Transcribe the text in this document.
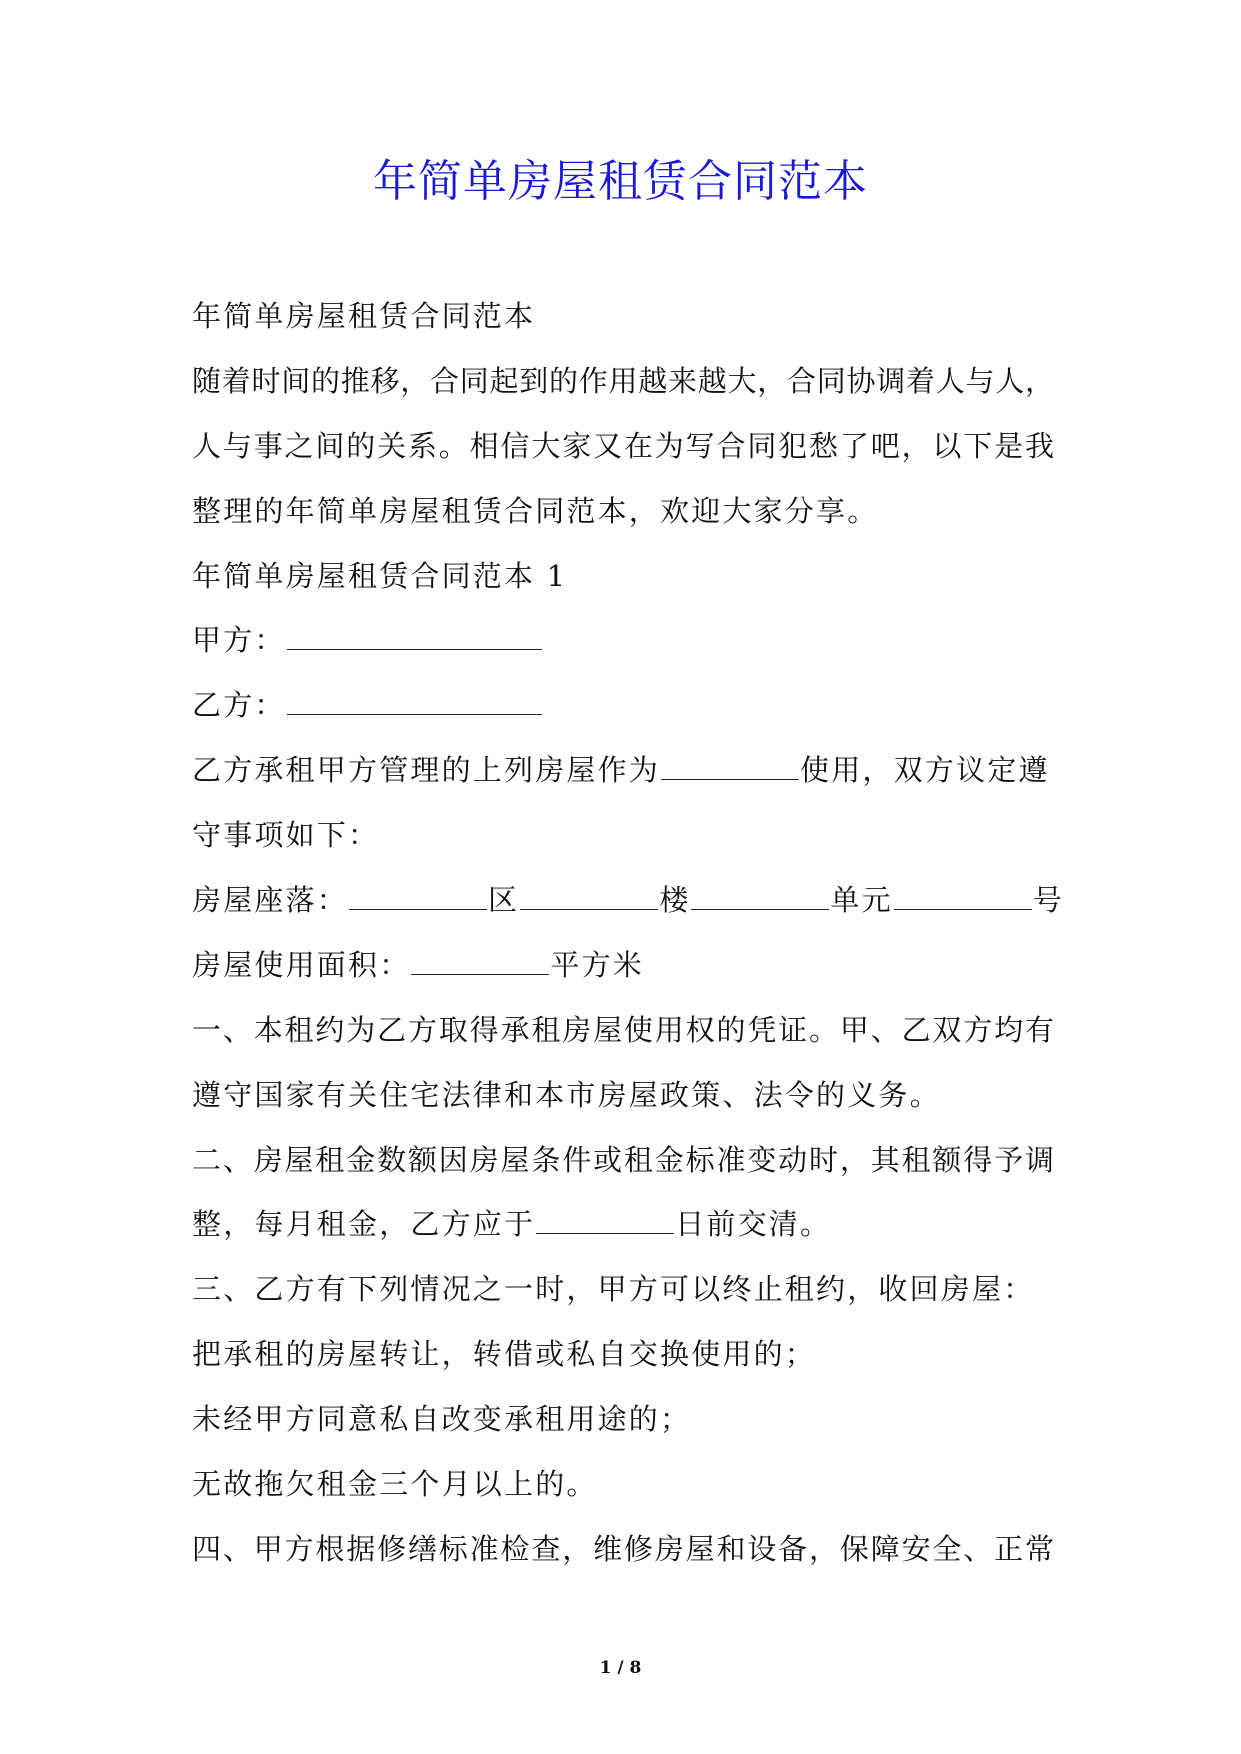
年简单房屋租赁合同范本
年简单房屋租赁合同范本
随着时间的推移，合同起到的作用越来越大，合同协调着人与人，
人与事之间的关系。相信大家又在为写合同犯愁了吧，以下是我
整理的年简单房屋租赁合同范本，欢迎大家分享。
年简单房屋租赁合同范本 1
甲方：
乙方：
乙方承租甲方管理的上列房屋作为	使用，双方议定遵
守事项如下：
房屋座落：	区	楼	单元	号
房屋使用面积：	平方米
一、本租约为乙方取得承租房屋使用权的凭证。甲、乙双方均有
遵守国家有关住宅法律和本市房屋政策、法令的义务。
二、房屋租金数额因房屋条件或租金标准变动时，其租额得予调
整，每月租金，乙方应于	日前交清。
三、乙方有下列情况之一时，甲方可以终止租约，收回房屋：
把承租的房屋转让，转借或私自交换使用的；
未经甲方同意私自改变承租用途的；
无故拖欠租金三个月以上的。
四、甲方根据修缮标准检查，维修房屋和设备，保障安全、正常
1 / 8
